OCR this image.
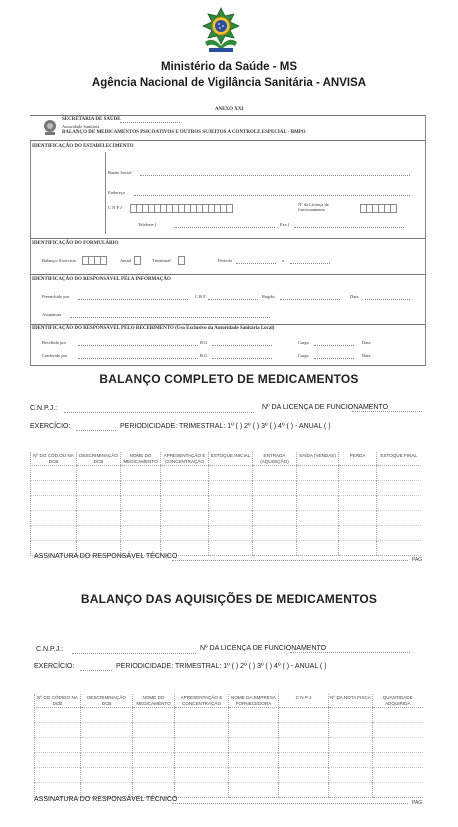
Ministério da Saúde - MS
Agência Nacional de Vigilância Sanitária - ANVISA
ANEXO XXI
SECRETARIA DE SAÚDE
Autoridade Sanitária
BALANÇO DE MEDICAMENTOS PSICOATIVOS E OUTROS SUJEITOS A CONTROLE ESPECIAL - BMPO
IDENTIFICAÇÃO DO ESTABELECIMENTO
Razão Social
Endereço
C N P J
Nº da Licença de funcionamento
Telefone (	Fax (
IDENTIFICAÇÃO DO FORMULÁRIO
Balanço: Exercício	Anual	Trimestral	Período	a
IDENTIFICAÇÃO DO RESPONSÁVEL PELA INFORMAÇÃO
Preenchido por	C R F	Região	Data
Assinatura
IDENTIFICAÇÃO DO RESPONSÁVEL PELO RECEBIMENTO (Uso Exclusivo da Autoridade Sanitária Local)
Recebido por	R.G	Cargo	Data
Conferido por	R.G	Cargo	Data
BALANÇO COMPLETO DE MEDICAMENTOS
C.N.P.J.:	Nº DA LICENÇA DE FUNCIONAMENTO
EXERCÍCIO:	PERIODICIDADE: TRIMESTRAL: 1º ( ) 2º ( ) 3º ( ) 4º ( ) - ANUAL ( )
Nº DO CÓD.OU NA DCB	DESCRIMINAÇÃO DCB	NOME DO MEDICAMENTO	APRESENTAÇÃO E CONCENTRAÇÃO	ESTOQUE INICIAL	ENTRADA (AQUISIÇÃO)	SAÍDA (VENDAS)	PERDA	ESTOQUE FINAL

ASSINATURA DO RESPONSÁVEL TÉCNICO	PAG
BALANÇO DAS AQUISIÇÕES DE MEDICAMENTOS
C.N.P.J.:	Nº DA LICENÇA DE FUNCIONAMENTO
EXERCÍCIO:	PERIODICIDADE: TRIMESTRAL: 1º ( ) 2º ( ) 3º ( ) 4º ( ) - ANUAL ( )
Nº DO CÓDIGO NA DCB	DESCRIMINAÇÃO DCB	NOME DO MEDICAMENTO	APRESENTAÇÃO E CONCENTRAÇÃO	NOME DA EMPRESA FORNECEDORA	C N P J	Nº DA NOTA FISCA	QUANTIDADE ADQUIRIDA

ASSINATURA DO RESPONSÁVEL TÉCNICO	PAG
